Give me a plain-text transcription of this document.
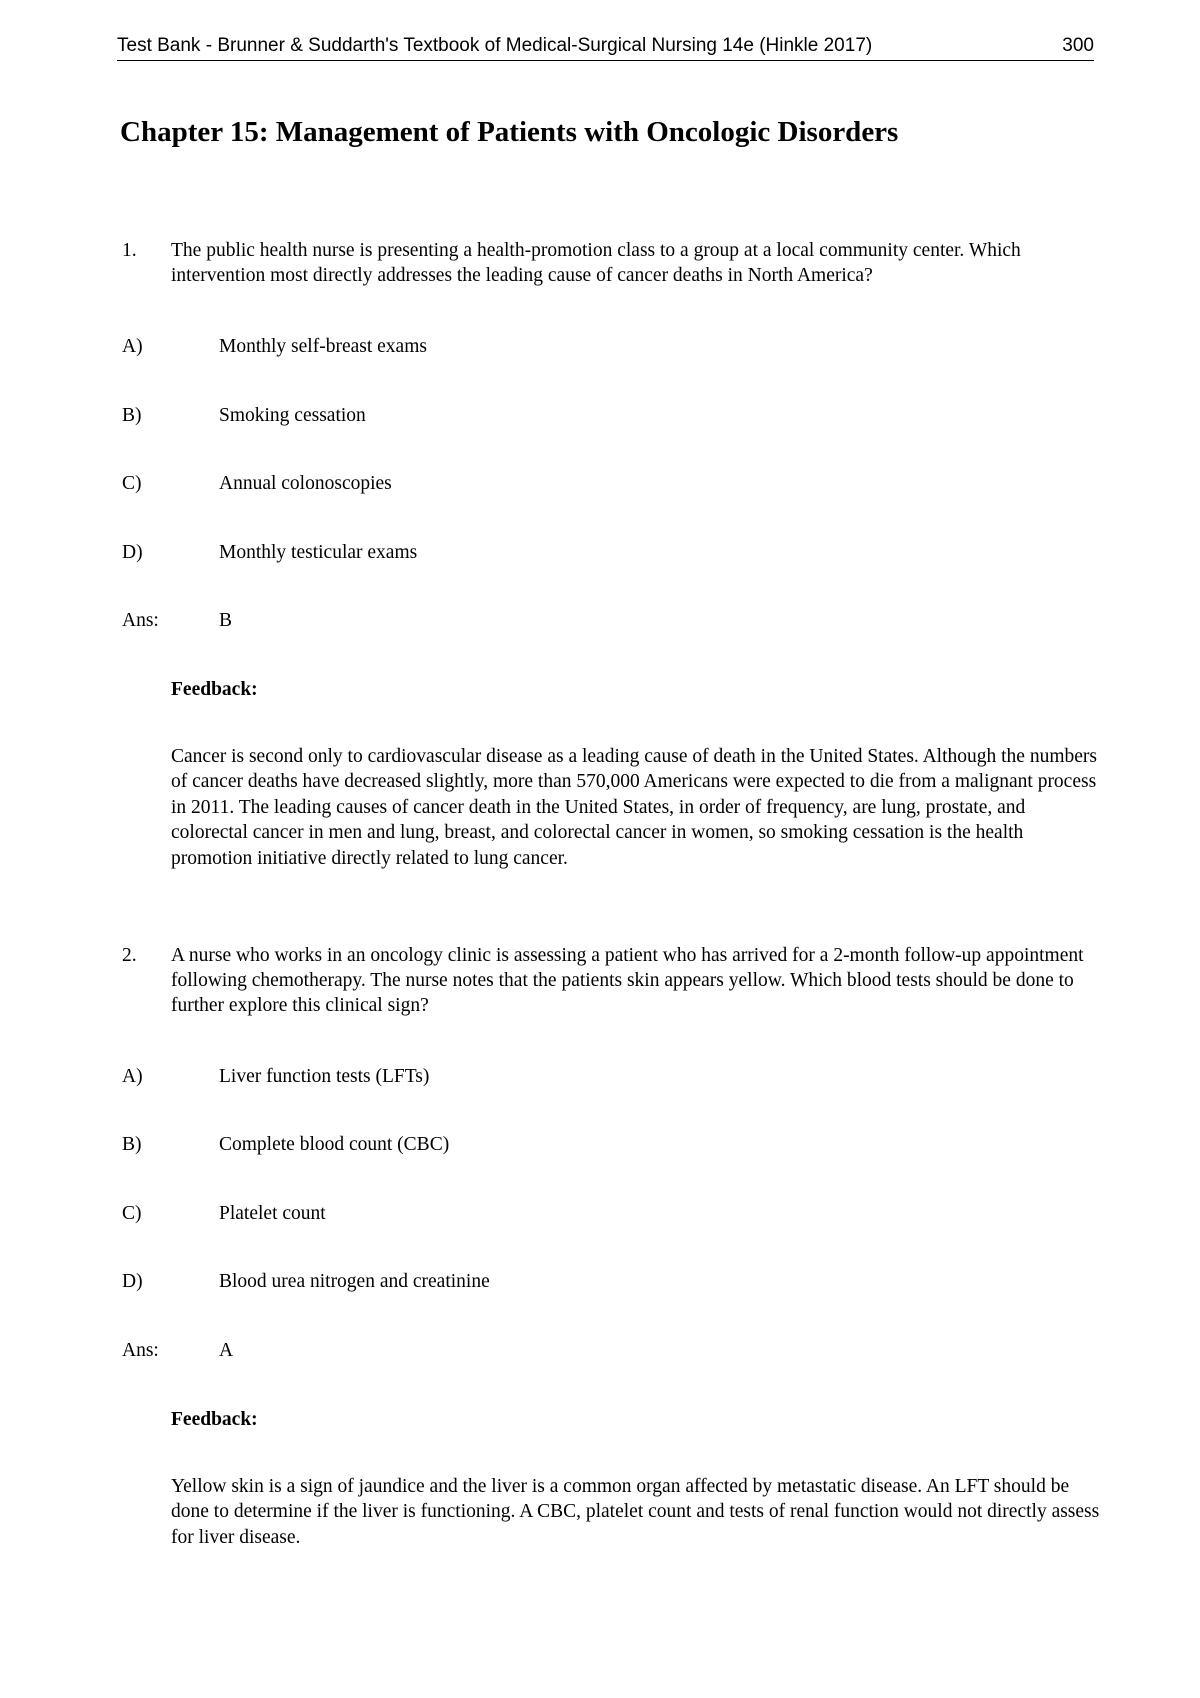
Test Bank - Brunner & Suddarth's Textbook of Medical-Surgical Nursing 14e (Hinkle 2017)	300
Chapter 15: Management of Patients with Oncologic Disorders
1.	The public health nurse is presenting a health-promotion class to a group at a local community center. Which intervention most directly addresses the leading cause of cancer deaths in North America?
A)	Monthly self-breast exams
B)	Smoking cessation
C)	Annual colonoscopies
D)	Monthly testicular exams
Ans:	B
Feedback:
Cancer is second only to cardiovascular disease as a leading cause of death in the United States. Although the numbers of cancer deaths have decreased slightly, more than 570,000 Americans were expected to die from a malignant process in 2011. The leading causes of cancer death in the United States, in order of frequency, are lung, prostate, and colorectal cancer in men and lung, breast, and colorectal cancer in women, so smoking cessation is the health promotion initiative directly related to lung cancer.
2.	A nurse who works in an oncology clinic is assessing a patient who has arrived for a 2-month follow-up appointment following chemotherapy. The nurse notes that the patients skin appears yellow. Which blood tests should be done to further explore this clinical sign?
A)	Liver function tests (LFTs)
B)	Complete blood count (CBC)
C)	Platelet count
D)	Blood urea nitrogen and creatinine
Ans:	A
Feedback:
Yellow skin is a sign of jaundice and the liver is a common organ affected by metastatic disease. An LFT should be done to determine if the liver is functioning. A CBC, platelet count and tests of renal function would not directly assess for liver disease.
